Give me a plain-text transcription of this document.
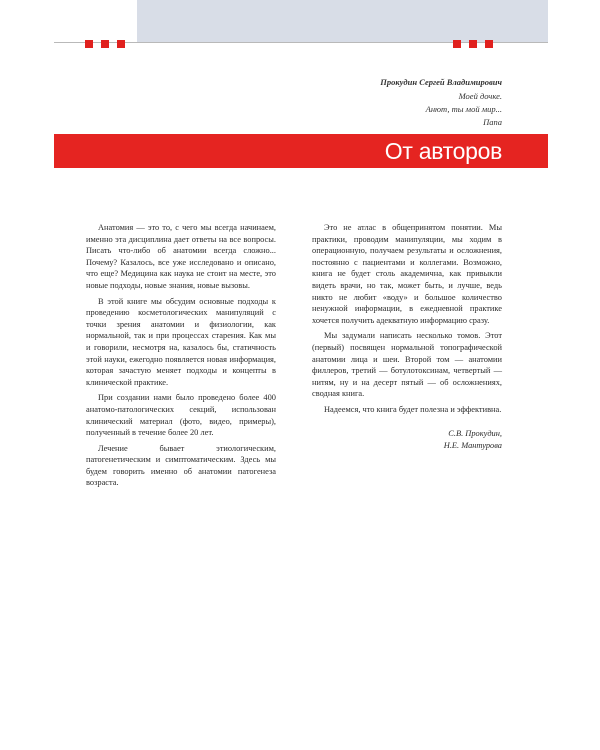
Прокудин Сергей Владимирович
Моей дочке.
Анют, ты мой мир...
Папа
От авторов

Анатомия — это то, с чего мы всегда начинаем, именно эта дисциплина дает ответы на все вопросы. Писать что-либо об анатомии всегда сложно... Почему? Казалось, все уже исследовано и описано, что еще? Медицина как наука не стоит на месте, это новые подходы, новые знания, новые вызовы.

В этой книге мы обсудим основные подходы к проведению косметологических манипуляций с точки зрения анатомии и физиологии, как нормальной, так и при процессах старения. Как мы и говорили, несмотря на, казалось бы, статичность этой науки, ежегодно появляется новая информация, которая зачастую меняет подходы и концепты в клинической практике.

При создании нами было проведено более 400 анатомо-патологических секций, использован клинический материал (фото, видео, примеры), полученный в течение более 20 лет.

Лечение бывает этиологическим, патогенетическим и симптоматическим. Здесь мы будем говорить именно об анатомии патогенеза возраста.

Это не атлас в общепринятом понятии. Мы практики, проводим манипуляции, мы ходим в операционную, получаем результаты и осложнения, постоянно с пациентами и коллегами. Возможно, книга не будет столь академична, как привыкли видеть врачи, но так, может быть, и лучше, ведь никто не любит «воду» и большое количество ненужной информации, в ежедневной практике хочется получить адекватную информацию сразу.

Мы задумали написать несколько томов. Этот (первый) посвящен нормальной топографической анатомии лица и шеи. Второй том — анатомии филлеров, третий — ботулотоксинам, четвертый — нитям, ну и на десерт пятый — об осложнениях, сводная книга.

Надеемся, что книга будет полезна и эффективна.

С.В. Прокудин,
Н.Е. Мантурова
